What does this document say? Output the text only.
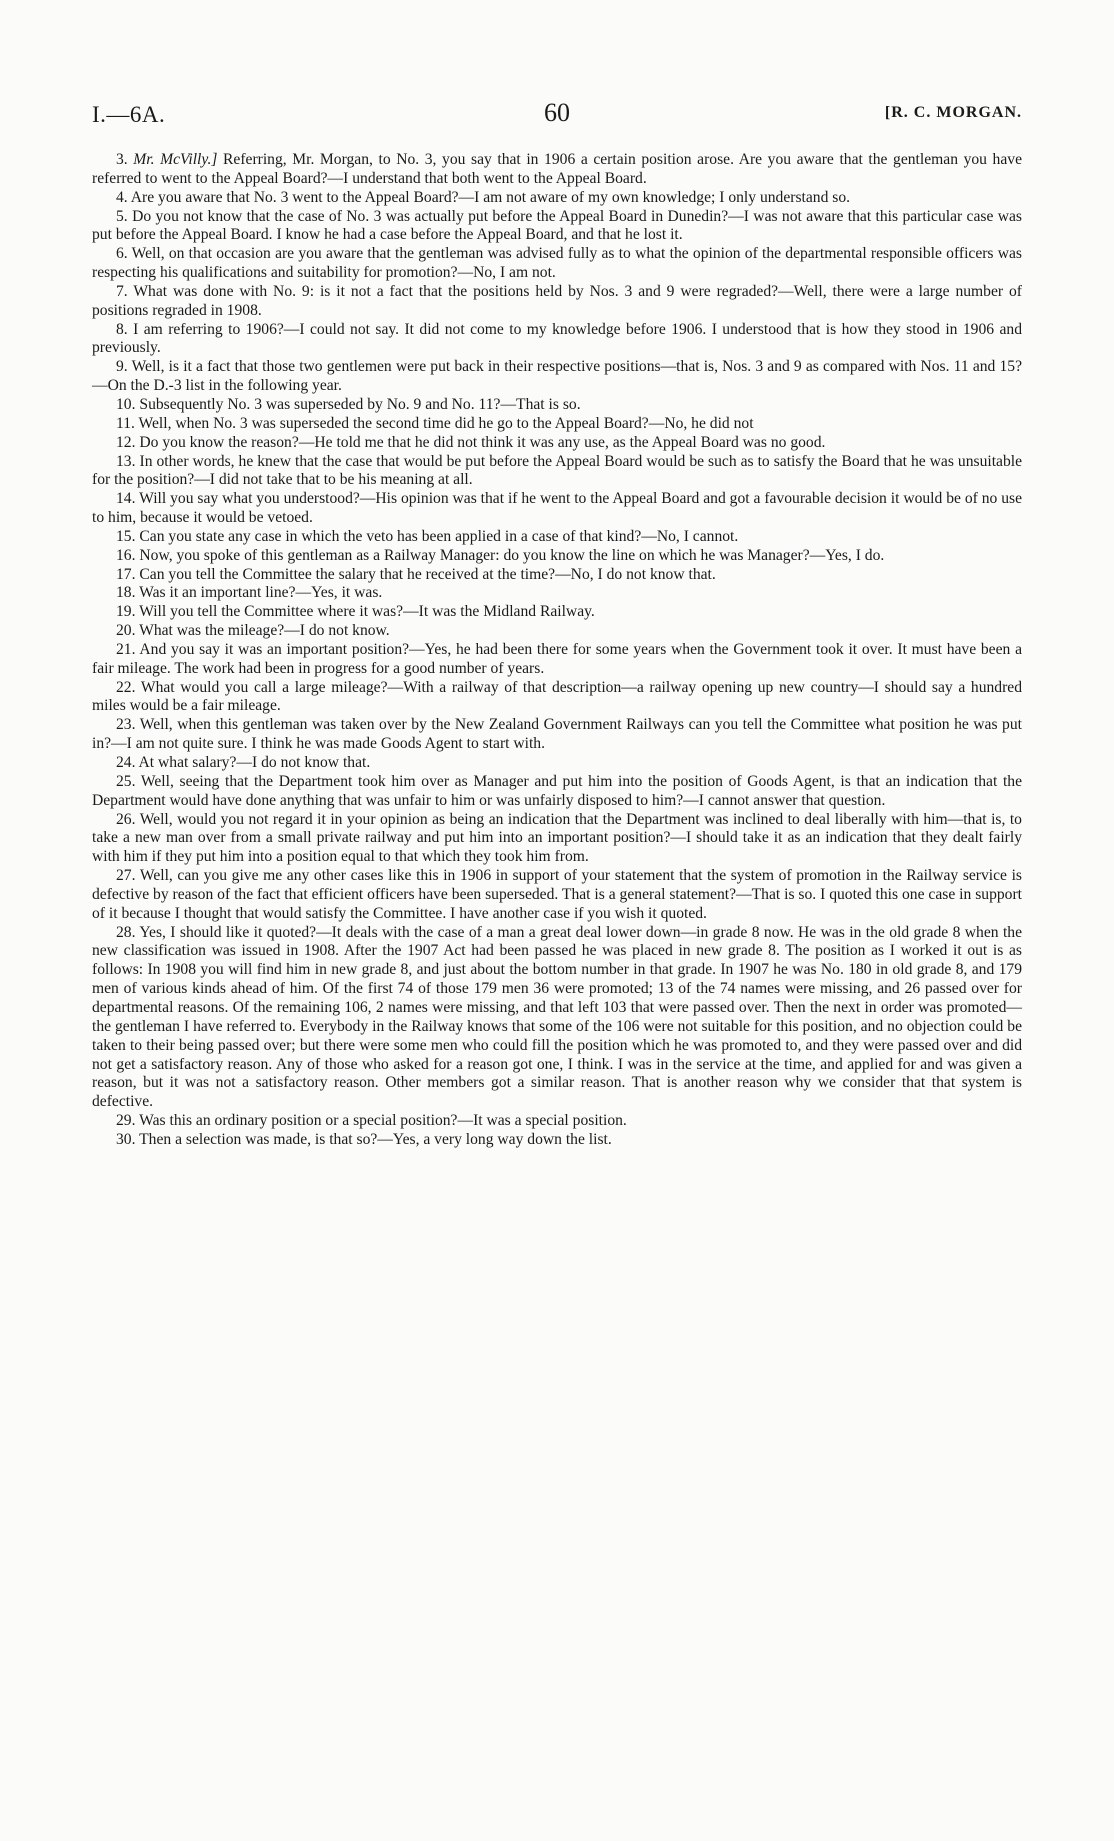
I.—6A.	60	[R. C. MORGAN.

3. Mr. McVilly.] Referring, Mr. Morgan, to No. 3, you say that in 1906 a certain position arose. Are you aware that the gentleman you have referred to went to the Appeal Board?—I understand that both went to the Appeal Board.

4. Are you aware that No. 3 went to the Appeal Board?—I am not aware of my own knowledge; I only understand so.

5. Do you not know that the case of No. 3 was actually put before the Appeal Board in Dunedin?—I was not aware that this particular case was put before the Appeal Board. I know he had a case before the Appeal Board, and that he lost it.

6. Well, on that occasion are you aware that the gentleman was advised fully as to what the opinion of the departmental responsible officers was respecting his qualifications and suitability for promotion?—No, I am not.

7. What was done with No. 9: is it not a fact that the positions held by Nos. 3 and 9 were regraded?—Well, there were a large number of positions regraded in 1908.

8. I am referring to 1906?—I could not say. It did not come to my knowledge before 1906. I understood that is how they stood in 1906 and previously.

9. Well, is it a fact that those two gentlemen were put back in their respective positions—that is, Nos. 3 and 9 as compared with Nos. 11 and 15?—On the D.-3 list in the following year.

10. Subsequently No. 3 was superseded by No. 9 and No. 11?—That is so.

11. Well, when No. 3 was superseded the second time did he go to the Appeal Board?—No, he did not

12. Do you know the reason?—He told me that he did not think it was any use, as the Appeal Board was no good.

13. In other words, he knew that the case that would be put before the Appeal Board would be such as to satisfy the Board that he was unsuitable for the position?—I did not take that to be his meaning at all.

14. Will you say what you understood?—His opinion was that if he went to the Appeal Board and got a favourable decision it would be of no use to him, because it would be vetoed.

15. Can you state any case in which the veto has been applied in a case of that kind?—No, I cannot.

16. Now, you spoke of this gentleman as a Railway Manager: do you know the line on which he was Manager?—Yes, I do.

17. Can you tell the Committee the salary that he received at the time?—No, I do not know that.

18. Was it an important line?—Yes, it was.

19. Will you tell the Committee where it was?—It was the Midland Railway.

20. What was the mileage?—I do not know.

21. And you say it was an important position?—Yes, he had been there for some years when the Government took it over. It must have been a fair mileage. The work had been in progress for a good number of years.

22. What would you call a large mileage?—With a railway of that description—a railway opening up new country—I should say a hundred miles would be a fair mileage.

23. Well, when this gentleman was taken over by the New Zealand Government Railways can you tell the Committee what position he was put in?—I am not quite sure. I think he was made Goods Agent to start with.

24. At what salary?—I do not know that.

25. Well, seeing that the Department took him over as Manager and put him into the position of Goods Agent, is that an indication that the Department would have done anything that was unfair to him or was unfairly disposed to him?—I cannot answer that question.

26. Well, would you not regard it in your opinion as being an indication that the Department was inclined to deal liberally with him—that is, to take a new man over from a small private railway and put him into an important position?—I should take it as an indication that they dealt fairly with him if they put him into a position equal to that which they took him from.

27. Well, can you give me any other cases like this in 1906 in support of your statement that the system of promotion in the Railway service is defective by reason of the fact that efficient officers have been superseded. That is a general statement?—That is so. I quoted this one case in support of it because I thought that would satisfy the Committee. I have another case if you wish it quoted.

28. Yes, I should like it quoted?—It deals with the case of a man a great deal lower down—in grade 8 now. He was in the old grade 8 when the new classification was issued in 1908. After the 1907 Act had been passed he was placed in new grade 8. The position as I worked it out is as follows: In 1908 you will find him in new grade 8, and just about the bottom number in that grade. In 1907 he was No. 180 in old grade 8, and 179 men of various kinds ahead of him. Of the first 74 of those 179 men 36 were promoted; 13 of the 74 names were missing, and 26 passed over for departmental reasons. Of the remaining 106, 2 names were missing, and that left 103 that were passed over. Then the next in order was promoted—the gentleman I have referred to. Everybody in the Railway knows that some of the 106 were not suitable for this position, and no objection could be taken to their being passed over; but there were some men who could fill the position which he was promoted to, and they were passed over and did not get a satisfactory reason. Any of those who asked for a reason got one, I think. I was in the service at the time, and applied for and was given a reason, but it was not a satisfactory reason. Other members got a similar reason. That is another reason why we consider that that system is defective.

29. Was this an ordinary position or a special position?—It was a special position.

30. Then a selection was made, is that so?—Yes, a very long way down the list.
